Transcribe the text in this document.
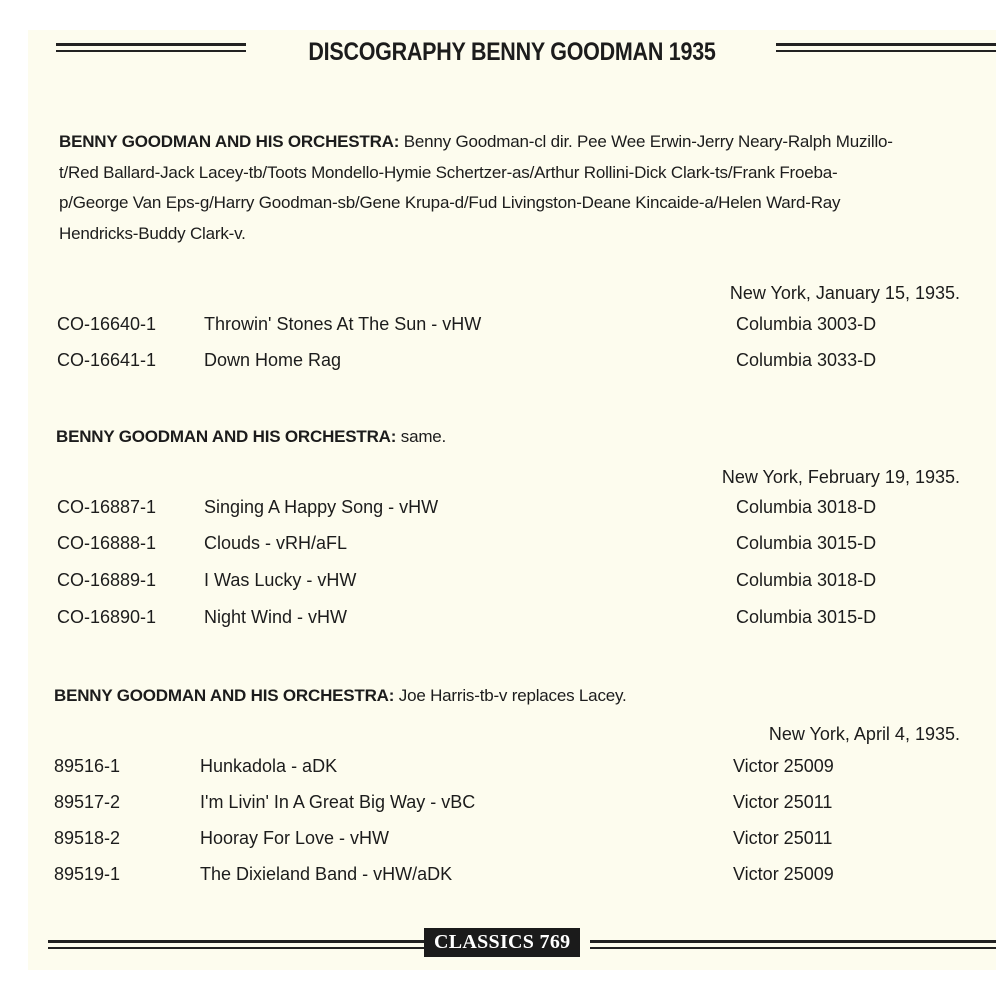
DISCOGRAPHY BENNY GOODMAN 1935
BENNY GOODMAN AND HIS ORCHESTRA: Benny Goodman-cl dir. Pee Wee Erwin-Jerry Neary-Ralph Muzillo-
t/Red Ballard-Jack Lacey-tb/Toots Mondello-Hymie Schertzer-as/Arthur Rollini-Dick Clark-ts/Frank Froeba-
p/George Van Eps-g/Harry Goodman-sb/Gene Krupa-d/Fud Livingston-Deane Kincaide-a/Helen Ward-Ray
Hendricks-Buddy Clark-v.
New York, January 15, 1935.
CO-16640-1	Throwin' Stones At The Sun - vHW	Columbia 3003-D
CO-16641-1	Down Home Rag	Columbia 3033-D
BENNY GOODMAN AND HIS ORCHESTRA: same.
New York, February 19, 1935.
CO-16887-1	Singing A Happy Song - vHW	Columbia 3018-D
CO-16888-1	Clouds - vRH/aFL	Columbia 3015-D
CO-16889-1	I Was Lucky - vHW	Columbia 3018-D
CO-16890-1	Night Wind - vHW	Columbia 3015-D
BENNY GOODMAN AND HIS ORCHESTRA: Joe Harris-tb-v replaces Lacey.
New York, April 4, 1935.
89516-1	Hunkadola - aDK	Victor 25009
89517-2	I'm Livin' In A Great Big Way - vBC	Victor 25011
89518-2	Hooray For Love - vHW	Victor 25011
89519-1	The Dixieland Band - vHW/aDK	Victor 25009
CLASSICS 769
